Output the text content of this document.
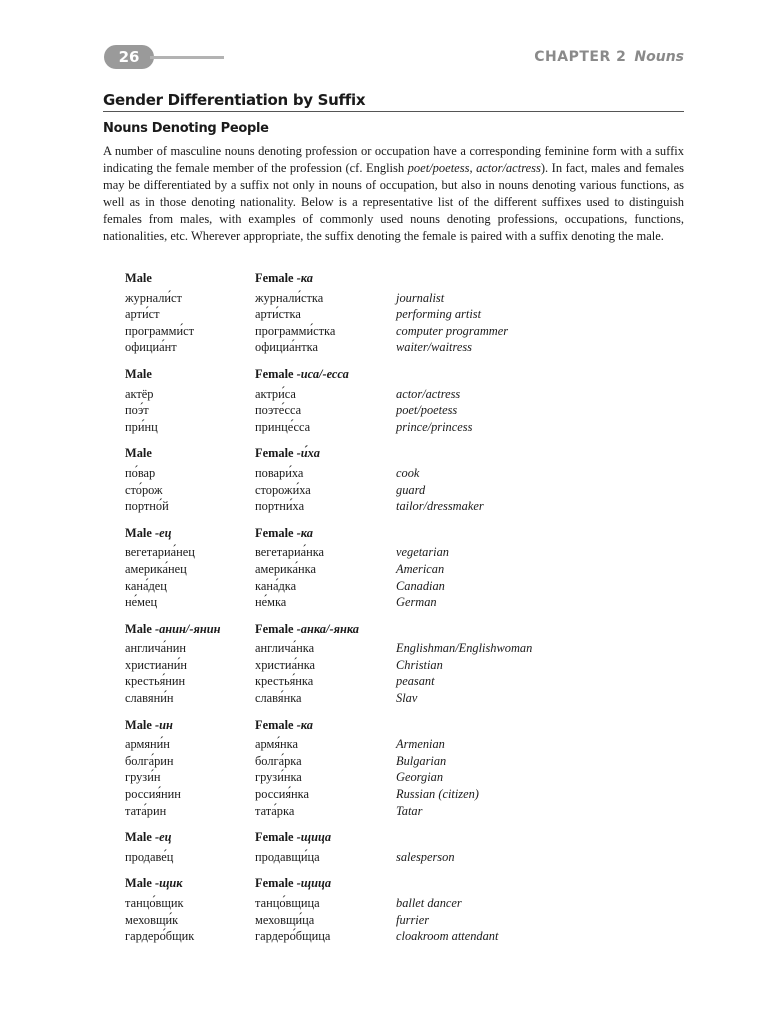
26	CHAPTER 2 Nouns
Gender Differentiation by Suffix
Nouns Denoting People
A number of masculine nouns denoting profession or occupation have a corresponding feminine form with a suffix indicating the female member of the profession (cf. English poet/poetess, actor/actress). In fact, males and females may be differentiated by a suffix not only in nouns of occupation, but also in nouns denoting various functions, as well as in those denoting nationality. Below is a representative list of the different suffixes used to distinguish females from males, with examples of commonly used nouns denoting professions, occupations, functions, nationalities, etc. Wherever appropriate, the suffix denoting the female is paired with a suffix denoting the male.
Male	Female -ка
журнали́ст	журнали́стка	journalist
арти́ст	арти́стка	performing artist
программи́ст	программи́стка	computer programmer
официа́нт	официа́нтка	waiter/waitress
Male	Female -иса/-есса
актёр	актри́са	actor/actress
поэ́т	поэте́сса	poet/poetess
при́нц	принце́сса	prince/princess
Male	Female -и́ха
по́вар	повари́ха	cook
сто́рож	сторожи́ха	guard
портно́й	портни́ха	tailor/dressmaker
Male -ец	Female -ка
вегетариа́нец	вегетариа́нка	vegetarian
америка́нец	америка́нка	American
кана́дец	кана́дка	Canadian
не́мец	не́мка	German
Male -анин/-янин	Female -анка/-янка
англича́нин	англича́нка	Englishman/Englishwoman
христиани́н	христиа́нка	Christian
крестья́нин	крестья́нка	peasant
славяни́н	славя́нка	Slav
Male -ин	Female -ка
армяни́н	армя́нка	Armenian
болга́рин	болга́рка	Bulgarian
грузи́н	грузи́нка	Georgian
россия́нин	россия́нка	Russian (citizen)
тата́рин	тата́рка	Tatar
Male -ец	Female -щица
продаве́ц	продавщи́ца	salesperson
Male -щик	Female -щица
танцо́вщик	танцо́вщица	ballet dancer
меховщи́к	меховщи́ца	furrier
гардеро́бщик	гардеро́бщица	cloakroom attendant
